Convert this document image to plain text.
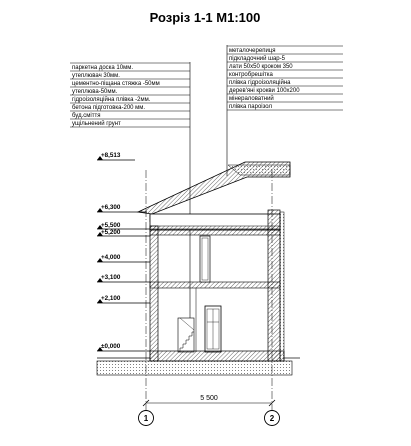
Розріз 1-1 М1:100
металочерепиця
підкладочний шар-5
лати 50х50 кроком 350
контробрешітка
плівка гідроізоляційна
дерев'яні крокви 100х200
мінераловатний
плівка пароізол
паркетна доска 10мм.
утеплювач 30мм.
цементно-піщана стяжка -50мм
утеплюва-50мм.
гідроізоляційна плівка -2мм.
бетона підготовка-200 мм.
буд.сміття
ущільнений грунт
+8,513
+6,300
+5,500
+5,200
+4,000
+3,100
+2,100
±0,000
5 500
1	2
